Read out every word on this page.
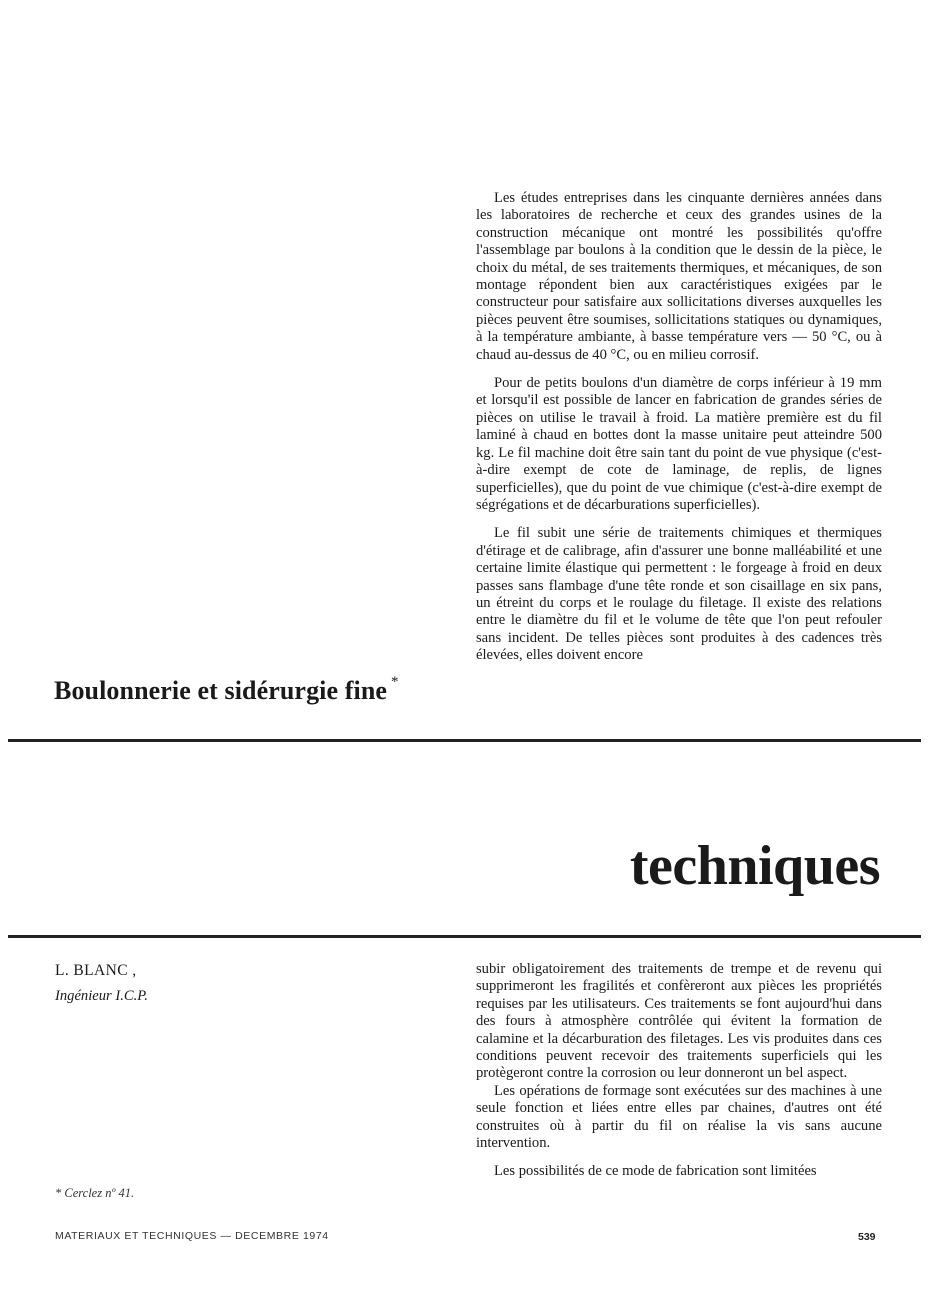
Les études entreprises dans les cinquante dernières années dans les laboratoires de recherche et ceux des grandes usines de la construction mécanique ont montré les possibilités qu'offre l'assemblage par boulons à la condition que le dessin de la pièce, le choix du métal, de ses traitements thermiques, et mécaniques, de son montage répondent bien aux caractéristiques exigées par le constructeur pour satisfaire aux sollicitations diverses auxquelles les pièces peuvent être soumises, sollicitations statiques ou dynamiques, à la température ambiante, à basse température vers — 50 °C, ou à chaud au-dessus de 40 °C, ou en milieu corrosif.

Pour de petits boulons d'un diamètre de corps inférieur à 19 mm et lorsqu'il est possible de lancer en fabrication de grandes séries de pièces on utilise le travail à froid. La matière première est du fil laminé à chaud en bottes dont la masse unitaire peut atteindre 500 kg. Le fil machine doit être sain tant du point de vue physique (c'est-à-dire exempt de cote de laminage, de replis, de lignes superficielles), que du point de vue chimique (c'est-à-dire exempt de ségrégations et de décarburations superficielles).

Le fil subit une série de traitements chimiques et thermiques d'étirage et de calibrage, afin d'assurer une bonne malléabilité et une certaine limite élastique qui permettent : le forgeage à froid en deux passes sans flambage d'une tête ronde et son cisaillage en six pans, un étreint du corps et le roulage du filetage. Il existe des relations entre le diamètre du fil et le volume de tête que l'on peut refouler sans incident. De telles pièces sont produites à des cadences très élevées, elles doivent encore

Boulonnerie et sidérurgie fine *
techniques
L. BLANC ,
Ingénieur I.C.P.

subir obligatoirement des traitements de trempe et de revenu qui supprimeront les fragilités et confèreront aux pièces les propriétés requises par les utilisateurs. Ces traitements se font aujourd'hui dans des fours à atmosphère contrôlée qui évitent la formation de calamine et la décarburation des filetages. Les vis produites dans ces conditions peuvent recevoir des traitements superficiels qui les protègeront contre la corrosion ou leur donneront un bel aspect.

Les opérations de formage sont exécutées sur des machines à une seule fonction et liées entre elles par chaines, d'autres ont été construites où à partir du fil on réalise la vis sans aucune intervention.

Les possibilités de ce mode de fabrication sont limitées

* Cerclez nº 41.
MATERIAUX ET TECHNIQUES — DECEMBRE 1974	539
